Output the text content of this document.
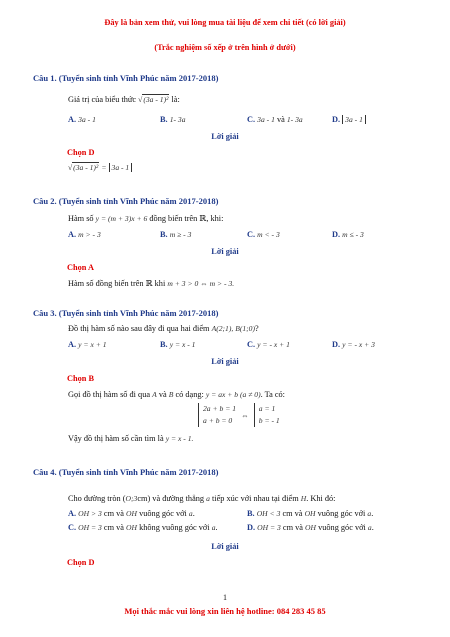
Đây là bản xem thử, vui lòng mua tài liệu để xem chi tiết (có lời giải)
(Trắc nghiệm số xếp ở trên hình ở dưới)
Câu 1. (Tuyển sinh tỉnh Vĩnh Phúc năm 2017-2018)
Giá trị của biểu thức √(3a - 1)² là:
A. 3a - 1	B. 1- 3a	C. 3a - 1 và 1- 3a	D. 3a - 1
Lời giải
Chọn D
√(3a - 1)² = 3a - 1
Câu 2. (Tuyển sinh tỉnh Vĩnh Phúc năm 2017-2018)
Hàm số y = (m + 3)x + 6 đồng biến trên ℝ, khi:
A. m > - 3	B. m ≥ - 3	C. m < - 3	D. m ≤ - 3
Lời giải
Chọn A
Hàm số đồng biến trên ℝ khi m + 3 > 0 ⇔ m > - 3.
Câu 3. (Tuyển sinh tỉnh Vĩnh Phúc năm 2017-2018)
Đồ thị hàm số nào sau đây đi qua hai điểm A(2;1), B(1;0)?
A. y = x + 1	B. y = x - 1	C. y = - x + 1	D. y = - x + 3
Lời giải
Chọn B
Gọi đồ thị hàm số đi qua A và B có dạng: y = ax + b (a ≠ 0). Ta có:
2a + b = 1
a + b = 0 ⇔ a = 1
b = - 1
Vậy đồ thị hàm số cần tìm là y = x - 1.
Câu 4. (Tuyển sinh tỉnh Vĩnh Phúc năm 2017-2018)
Cho đường tròn (O;3cm) và đường thẳng a tiếp xúc với nhau tại điểm H. Khi đó:
A. OH > 3 cm và OH vuông góc với a.	B. OH < 3 cm và OH vuông góc với a.
C. OH = 3 cm và OH không vuông góc với a.	D. OH = 3 cm và OH vuông góc với a.
Lời giải
Chọn D
1
Mọi thắc mắc vui lòng xin liên hệ hotline: 084 283 45 85
